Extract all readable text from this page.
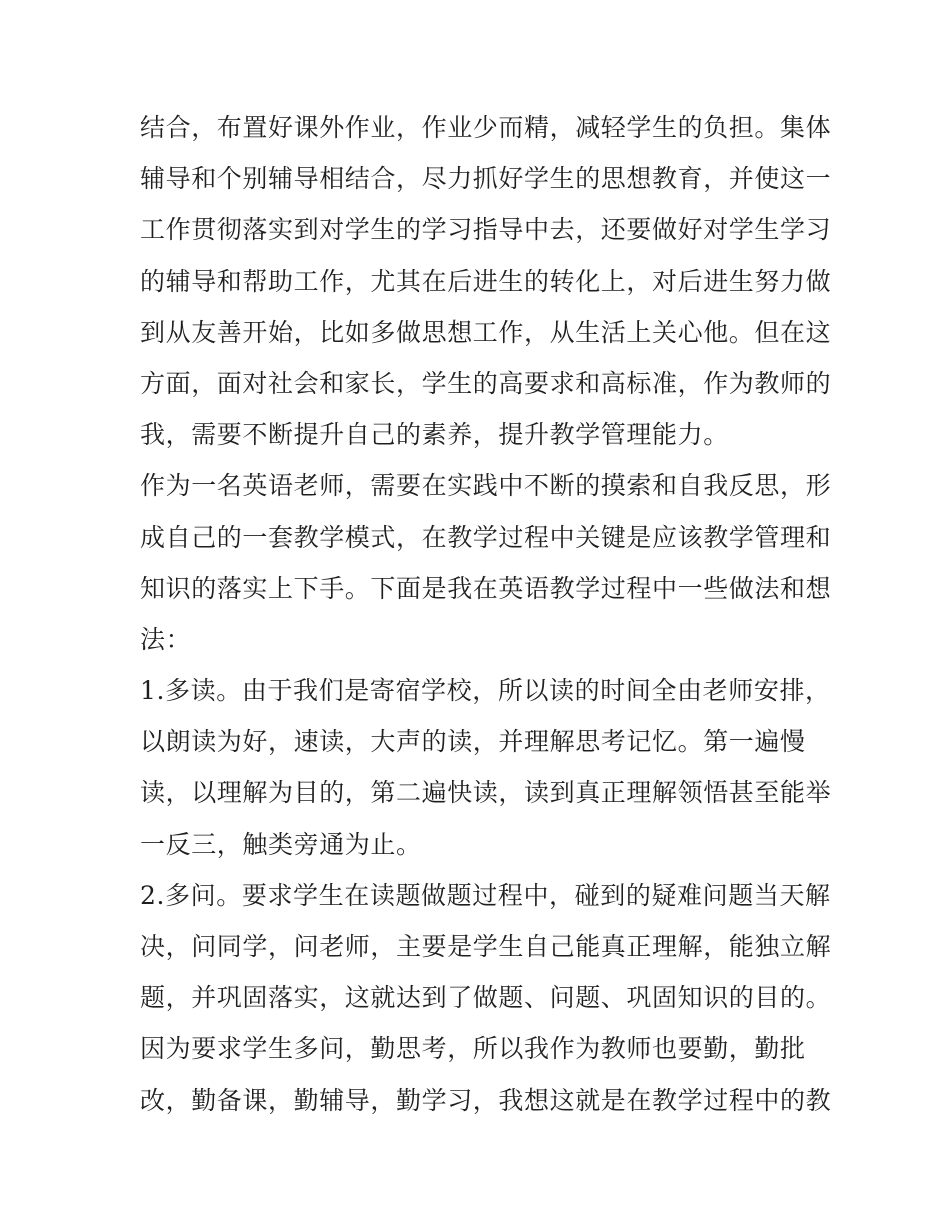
结合，布置好课外作业，作业少而精，减轻学生的负担。集体
辅导和个别辅导相结合，尽力抓好学生的思想教育，并使这一
工作贯彻落实到对学生的学习指导中去，还要做好对学生学习
的辅导和帮助工作，尤其在后进生的转化上，对后进生努力做
到从友善开始，比如多做思想工作，从生活上关心他。但在这
方面，面对社会和家长，学生的高要求和高标准，作为教师的
我，需要不断提升自己的素养，提升教学管理能力。
作为一名英语老师，需要在实践中不断的摸索和自我反思，形
成自己的一套教学模式，在教学过程中关键是应该教学管理和
知识的落实上下手。下面是我在英语教学过程中一些做法和想
法：
1.多读。由于我们是寄宿学校，所以读的时间全由老师安排，
以朗读为好，速读，大声的读，并理解思考记忆。第一遍慢
读，以理解为目的，第二遍快读，读到真正理解领悟甚至能举
一反三，触类旁通为止。
2.多问。要求学生在读题做题过程中，碰到的疑难问题当天解
决，问同学，问老师，主要是学生自己能真正理解，能独立解
题，并巩固落实，这就达到了做题、问题、巩固知识的目的。
因为要求学生多问，勤思考，所以我作为教师也要勤，勤批
改，勤备课，勤辅导，勤学习，我想这就是在教学过程中的教
